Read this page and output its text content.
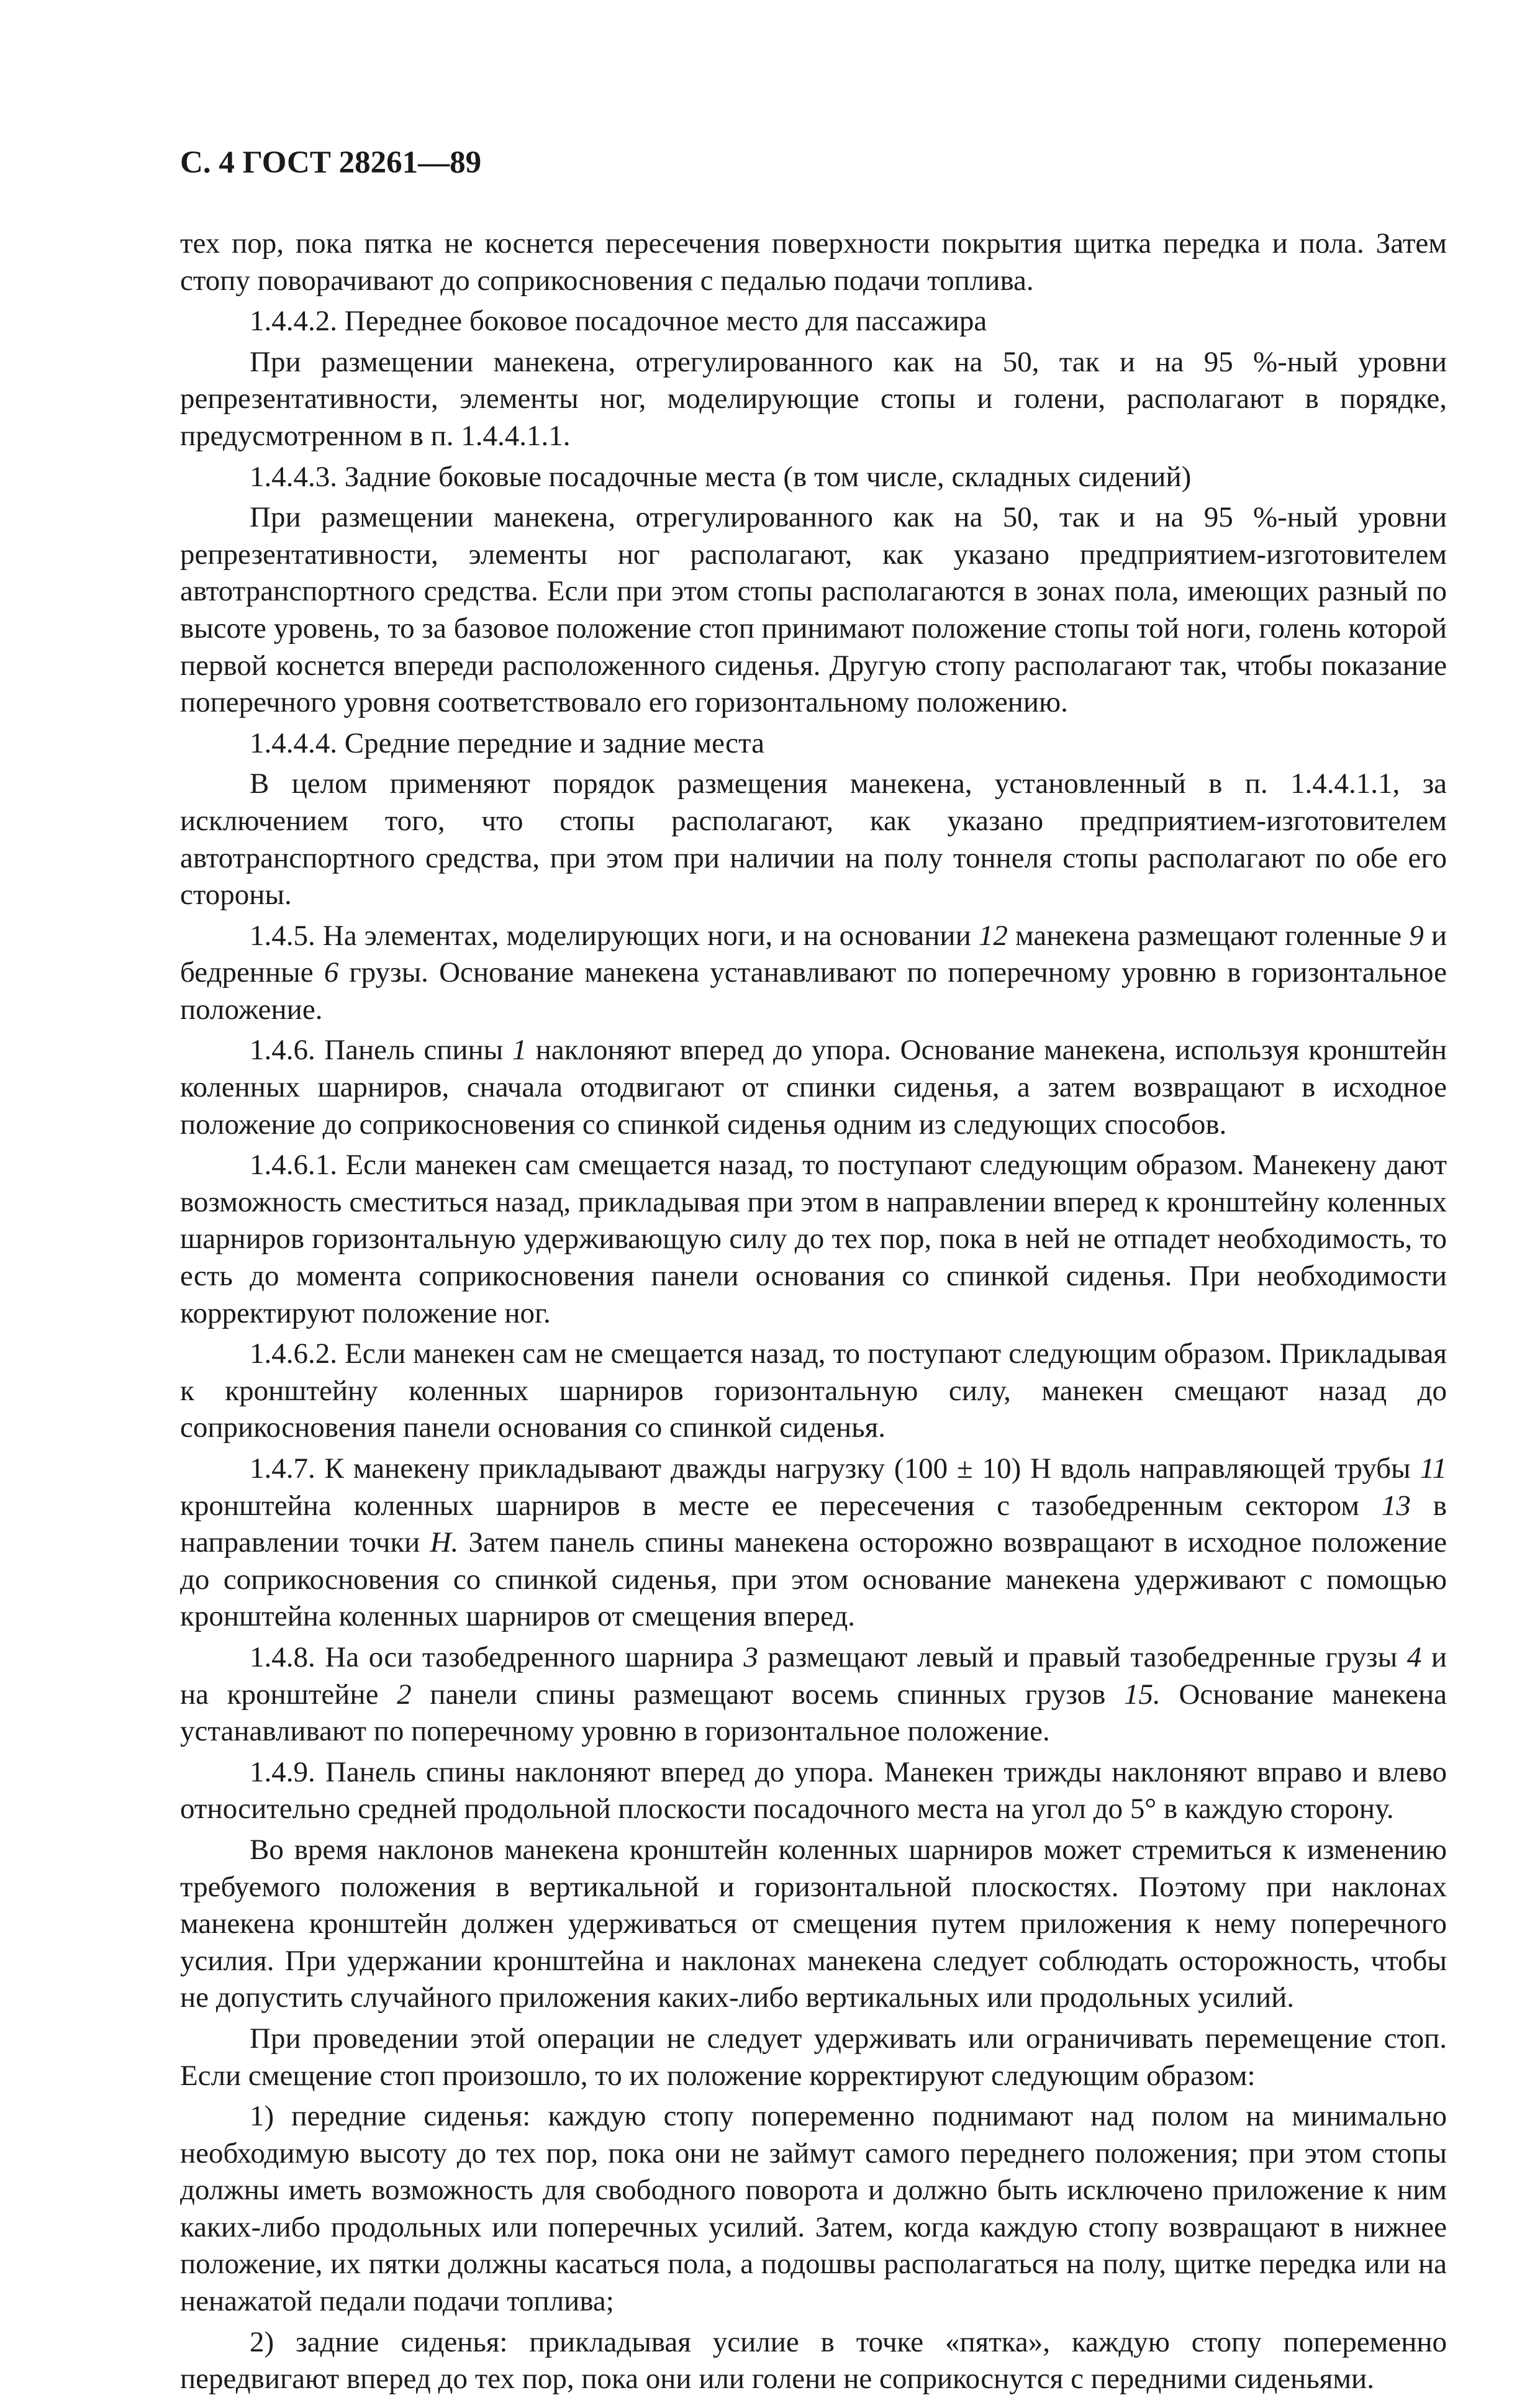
С. 4 ГОСТ 28261—89

тех пор, пока пятка не коснется пересечения поверхности покрытия щитка передка и пола. Затем стопу поворачивают до соприкосновения с педалью подачи топлива.

1.4.4.2. Переднее боковое посадочное место для пассажира

При размещении манекена, отрегулированного как на 50, так и на 95 %-ный уровни репрезентативности, элементы ног, моделирующие стопы и голени, располагают в порядке, предусмотренном в п. 1.4.4.1.1.

1.4.4.3. Задние боковые посадочные места (в том числе, складных сидений)

При размещении манекена, отрегулированного как на 50, так и на 95 %-ный уровни репрезентативности, элементы ног располагают, как указано предприятием-изготовителем автотранспортного средства. Если при этом стопы располагаются в зонах пола, имеющих разный по высоте уровень, то за базовое положение стоп принимают положение стопы той ноги, голень которой первой коснется впереди расположенного сиденья. Другую стопу располагают так, чтобы показание поперечного уровня соответствовало его горизонтальному положению.

1.4.4.4. Средние передние и задние места

В целом применяют порядок размещения манекена, установленный в п. 1.4.4.1.1, за исключением того, что стопы располагают, как указано предприятием-изготовителем автотранспортного средства, при этом при наличии на полу тоннеля стопы располагают по обе его стороны.

1.4.5. На элементах, моделирующих ноги, и на основании 12 манекена размещают голенные 9 и бедренные 6 грузы. Основание манекена устанавливают по поперечному уровню в горизонтальное положение.

1.4.6. Панель спины 1 наклоняют вперед до упора. Основание манекена, используя кронштейн коленных шарниров, сначала отодвигают от спинки сиденья, а затем возвращают в исходное положение до соприкосновения со спинкой сиденья одним из следующих способов.

1.4.6.1. Если манекен сам смещается назад, то поступают следующим образом. Манекену дают возможность сместиться назад, прикладывая при этом в направлении вперед к кронштейну коленных шарниров горизонтальную удерживающую силу до тех пор, пока в ней не отпадет необходимость, то есть до момента соприкосновения панели основания со спинкой сиденья. При необходимости корректируют положение ног.

1.4.6.2. Если манекен сам не смещается назад, то поступают следующим образом. Прикладывая к кронштейну коленных шарниров горизонтальную силу, манекен смещают назад до соприкосновения панели основания со спинкой сиденья.

1.4.7. К манекену прикладывают дважды нагрузку (100 ± 10) Н вдоль направляющей трубы 11 кронштейна коленных шарниров в месте ее пересечения с тазобедренным сектором 13 в направлении точки Н. Затем панель спины манекена осторожно возвращают в исходное положение до соприкосновения со спинкой сиденья, при этом основание манекена удерживают с помощью кронштейна коленных шарниров от смещения вперед.

1.4.8. На оси тазобедренного шарнира 3 размещают левый и правый тазобедренные грузы 4 и на кронштейне 2 панели спины размещают восемь спинных грузов 15. Основание манекена устанавливают по поперечному уровню в горизонтальное положение.

1.4.9. Панель спины наклоняют вперед до упора. Манекен трижды наклоняют вправо и влево относительно средней продольной плоскости посадочного места на угол до 5° в каждую сторону.

Во время наклонов манекена кронштейн коленных шарниров может стремиться к изменению требуемого положения в вертикальной и горизонтальной плоскостях. Поэтому при наклонах манекена кронштейн должен удерживаться от смещения путем приложения к нему поперечного усилия. При удержании кронштейна и наклонах манекена следует соблюдать осторожность, чтобы не допустить случайного приложения каких-либо вертикальных или продольных усилий.

При проведении этой операции не следует удерживать или ограничивать перемещение стоп. Если смещение стоп произошло, то их положение корректируют следующим образом:

1) передние сиденья: каждую стопу попеременно поднимают над полом на минимально необходимую высоту до тех пор, пока они не займут самого переднего положения; при этом стопы должны иметь возможность для свободного поворота и должно быть исключено приложение к ним каких-либо продольных или поперечных усилий. Затем, когда каждую стопу возвращают в нижнее положение, их пятки должны касаться пола, а подошвы располагаться на полу, щитке передка или на ненажатой педали подачи топлива;

2) задние сиденья: прикладывая усилие в точке «пятка», каждую стопу попеременно передвигают вперед до тех пор, пока они или голени не соприкоснутся с передними сиденьями.
